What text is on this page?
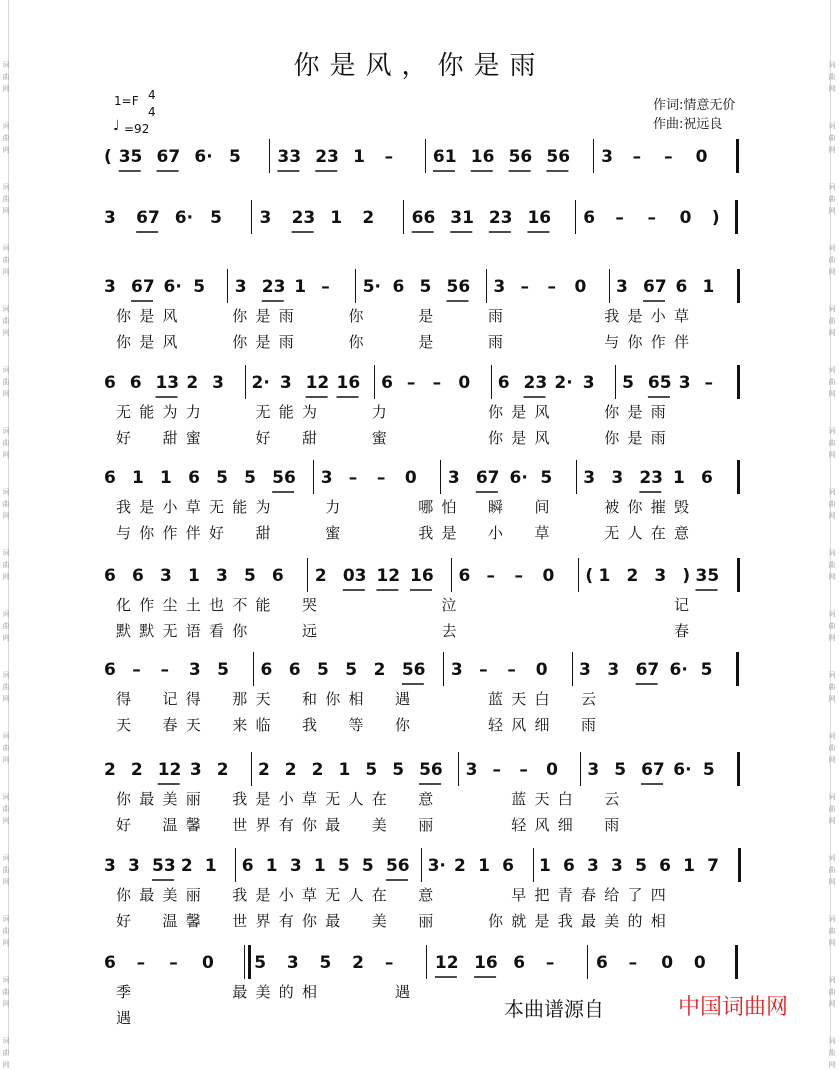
词
曲
网
词
曲
网
词
曲
网
词
曲
网
词
曲
网
词
曲
网
词
曲
网
词
曲
网
词
曲
网
词
曲
网
词
曲
网
词
曲
网
词
曲
网
词
曲
网
词
曲
网
词
曲
网
词
曲
网
词
曲
网
词
曲
网
词
曲
网
词
曲
网
词
曲
网
词
曲
网
词
曲
网
词
曲
网
词
曲
网
词
曲
网
词
曲
网
词
曲
网
词
曲
网
词
曲
网
词
曲
网
词
曲
网
词
曲
网
你是风，你是雨
1=F 4
4
♩ =92
作词:情意无价
作曲:祝远良
( 35 67 6· 5 33 23 1 – 61 16 56 56 3 – – 0
3 67 6· 5 3 23 1 2 66 31 23 16 6 – – 0 )
3 67 6· 5 3 23 1 – 5· 6 5 56 3 – – 0 3 67 6 1
你是风　　你是雨　　你　　是　　雨　　　　我是小草
你是风　　你是雨　　你　　是　　雨　　　　与你作伴
6 6 13 2 3 2· 3 12 16 6 – – 0 6 23 2· 3 5 65 3 –
无能为力　　无能为　　力　　　　你是风　　你是雨
好　甜蜜　　好　甜　　蜜　　　　你是风　　你是雨
6 1 1 6 5 5 56 3 – – 0 3 67 6· 5 3 3 23 1 6
我是小草无能为　　力　　　哪怕　瞬　间　　被你摧毁
与你作伴好　甜　　蜜　　　我是　小　草　　无人在意
6 6 3 1 3 5 6 2 03 12 16 6 – – 0 ( 1 2 3 ) 35
化作尘土也不能　哭　　　　　泣　　　　　　　　　记
默默无语看你　　远　　　　　去　　　　　　　　　春
6 – – 3 5 6 6 5 5 2 56 3 – – 0 3 3 67 6· 5
得　记得　那天　和你相　遇　　　蓝天白　云
天　春天　来临　我　等　你　　　轻风细　雨
2 2 12 3 2 2 2 2 1 5 5 56 3 – – 0 3 5 67 6· 5
你最美丽　我是小草无人在　意　　　蓝天白　云
好　温馨　世界有你最　美　丽　　　轻风细　雨
3 3 53 2 1 6 1 3 1 5 5 56 3· 2 1 6 1 6 3 3 5 6 1 7
你最美丽　我是小草无人在　意　　　早把青春给了四
好　温馨　世界有你最　美　丽　　你就是我最美的相
6 – – 0 5 3 5 2 – 12 16 6 – 6 – 0 0
季　　　　最美的相　　　遇
遇	本曲谱源自	中国词曲网
